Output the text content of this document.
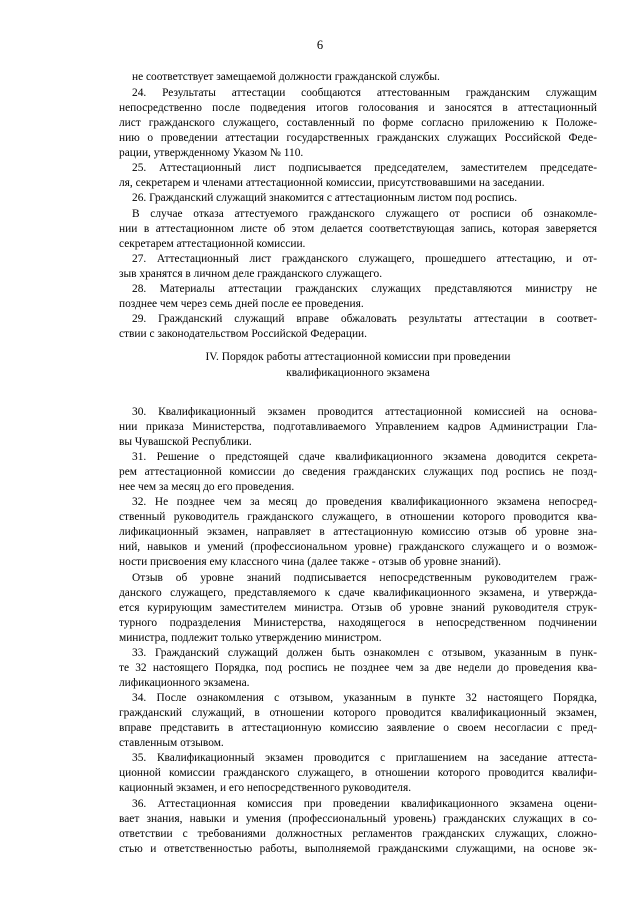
6
не соответствует замещаемой должности гражданской службы.
24. Результаты аттестации сообщаются аттестованным гражданским служащим
непосредственно после подведения итогов голосования и заносятся в аттестационный
лист гражданского служащего, составленный по форме согласно приложению к Положе-
нию о проведении аттестации государственных гражданских служащих Российской Феде-
рации, утвержденному Указом № 110.
25. Аттестационный лист подписывается председателем, заместителем председате-
ля, секретарем и членами аттестационной комиссии, присутствовавшими на заседании.
26. Гражданский служащий знакомится с аттестационным листом под роспись.
В случае отказа аттестуемого гражданского служащего от росписи об ознакомле-
нии в аттестационном листе об этом делается соответствующая запись, которая заверяется
секретарем аттестационной комиссии.
27. Аттестационный лист гражданского служащего, прошедшего аттестацию, и от-
зыв хранятся в личном деле гражданского служащего.
28. Материалы аттестации гражданских служащих представляются министру не
позднее чем через семь дней после ее проведения.
29. Гражданский служащий вправе обжаловать результаты аттестации в соответ-
ствии с законодательством Российской Федерации.
IV. Порядок работы аттестационной комиссии при проведении
квалификационного экзамена
30. Квалификационный экзамен проводится аттестационной комиссией на основа-
нии приказа Министерства, подготавливаемого Управлением кадров Администрации Гла-
вы Чувашской Республики.
31. Решение о предстоящей сдаче квалификационного экзамена доводится секрета-
рем аттестационной комиссии до сведения гражданских служащих под роспись не позд-
нее чем за месяц до его проведения.
32. Не позднее чем за месяц до проведения квалификационного экзамена непосред-
ственный руководитель гражданского служащего, в отношении которого проводится ква-
лификационный экзамен, направляет в аттестационную комиссию отзыв об уровне зна-
ний, навыков и умений (профессиональном уровне) гражданского служащего и о возмож-
ности присвоения ему классного чина (далее также - отзыв об уровне знаний).
Отзыв об уровне знаний подписывается непосредственным руководителем граж-
данского служащего, представляемого к сдаче квалификационного экзамена, и утвержда-
ется курирующим заместителем министра. Отзыв об уровне знаний руководителя струк-
турного подразделения Министерства, находящегося в непосредственном подчинении
министра, подлежит только утверждению министром.
33. Гражданский служащий должен быть ознакомлен с отзывом, указанным в пунк-
те 32 настоящего Порядка, под роспись не позднее чем за две недели до проведения ква-
лификационного экзамена.
34. После ознакомления с отзывом, указанным в пункте 32 настоящего Порядка,
гражданский служащий, в отношении которого проводится квалификационный экзамен,
вправе представить в аттестационную комиссию заявление о своем несогласии с пред-
ставленным отзывом.
35. Квалификационный экзамен проводится с приглашением на заседание аттеста-
ционной комиссии гражданского служащего, в отношении которого проводится квалифи-
кационный экзамен, и его непосредственного руководителя.
36. Аттестационная комиссия при проведении квалификационного экзамена оцени-
вает знания, навыки и умения (профессиональный уровень) гражданских служащих в со-
ответствии с требованиями должностных регламентов гражданских служащих, сложно-
стью и ответственностью работы, выполняемой гражданскими служащими, на основе эк-
